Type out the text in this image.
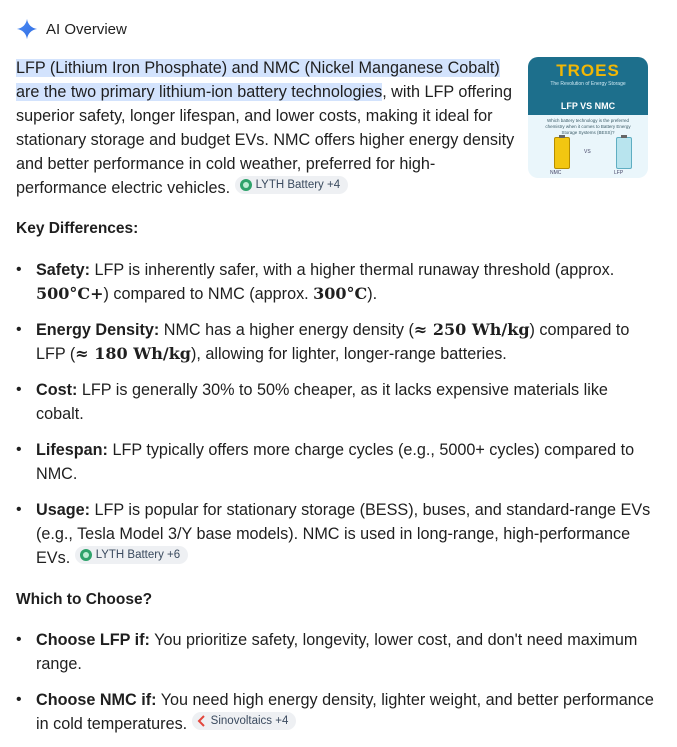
AI Overview
LFP (Lithium Iron Phosphate) and NMC (Nickel Manganese Cobalt) are the two primary lithium-ion battery technologies, with LFP offering superior safety, longer lifespan, and lower costs, making it ideal for stationary storage and budget EVs. NMC offers higher energy density and better performance in cold weather, preferred for high-performance electric vehicles. LYTH Battery +4
TROES
The Revolution of Energy Storage
LFP VS NMC
Which battery technology is the preferred chemistry when it comes to Battery Energy Storage Systems (BESS)?
VS
NMC	LFP
Key Differences:
• Safety: LFP is inherently safer, with a higher thermal runaway threshold (approx. 500°C+) compared to NMC (approx. 300°C).
• Energy Density: NMC has a higher energy density (≈ 250 Wh/kg) compared to LFP (≈ 180 Wh/kg), allowing for lighter, longer-range batteries.
• Cost: LFP is generally 30% to 50% cheaper, as it lacks expensive materials like cobalt.
• Lifespan: LFP typically offers more charge cycles (e.g., 5000+ cycles) compared to NMC.
• Usage: LFP is popular for stationary storage (BESS), buses, and standard-range EVs (e.g., Tesla Model 3/Y base models). NMC is used in long-range, high-performance EVs. LYTH Battery +6
Which to Choose?
• Choose LFP if: You prioritize safety, longevity, lower cost, and don't need maximum range.
• Choose NMC if: You need high energy density, lighter weight, and better performance in cold temperatures. Sinovoltaics +4
